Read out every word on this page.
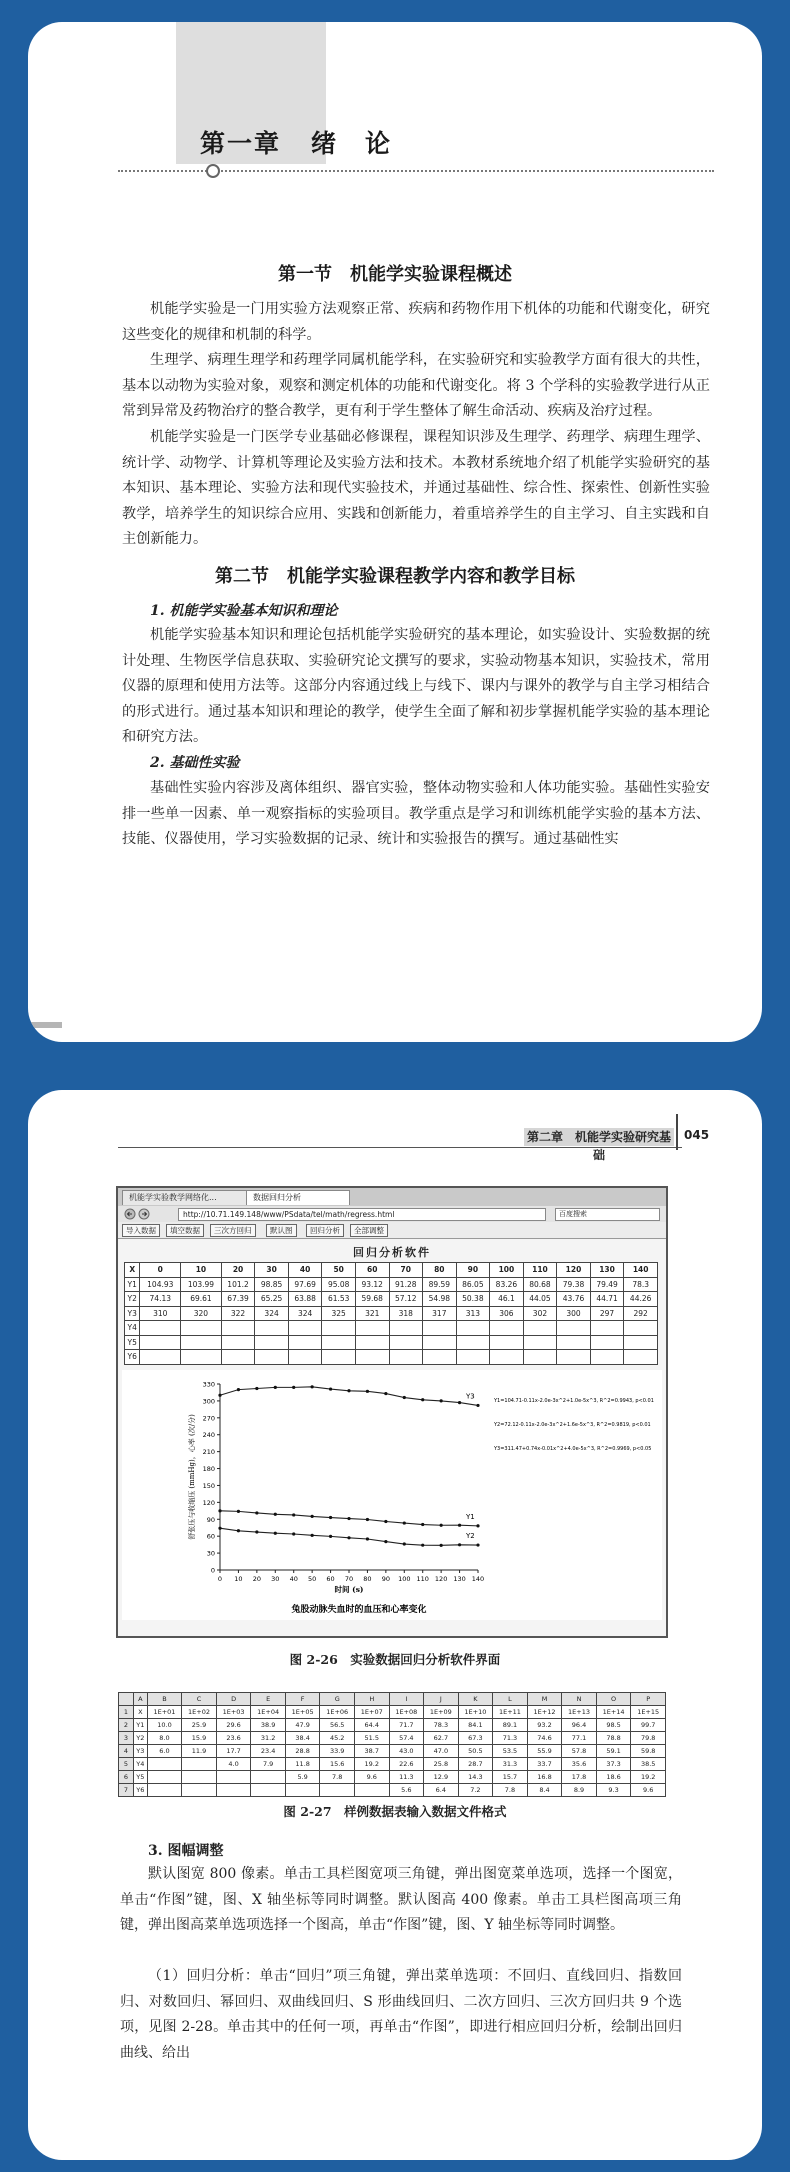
第一章 绪　论
第一节　机能学实验课程概述
机能学实验是一门用实验方法观察正常、疾病和药物作用下机体的功能和代谢变化，研究这些变化的规律和机制的科学。
生理学、病理生理学和药理学同属机能学科，在实验研究和实验教学方面有很大的共性，基本以动物为实验对象，观察和测定机体的功能和代谢变化。将 3 个学科的实验教学进行从正常到异常及药物治疗的整合教学，更有利于学生整体了解生命活动、疾病及治疗过程。
机能学实验是一门医学专业基础必修课程，课程知识涉及生理学、药理学、病理生理学、统计学、动物学、计算机等理论及实验方法和技术。本教材系统地介绍了机能学实验研究的基本知识、基本理论、实验方法和现代实验技术，并通过基础性、综合性、探索性、创新性实验教学，培养学生的知识综合应用、实践和创新能力，着重培养学生的自主学习、自主实践和自主创新能力。
第二节　机能学实验课程教学内容和教学目标
1. 机能学实验基本知识和理论
机能学实验基本知识和理论包括机能学实验研究的基本理论，如实验设计、实验数据的统计处理、生物医学信息获取、实验研究论文撰写的要求，实验动物基本知识，实验技术，常用仪器的原理和使用方法等。这部分内容通过线上与线下、课内与课外的教学与自主学习相结合的形式进行。通过基本知识和理论的教学，使学生全面了解和初步掌握机能学实验的基本理论和研究方法。
2. 基础性实验
基础性实验内容涉及离体组织、器官实验，整体动物实验和人体功能实验。基础性实验安排一些单一因素、单一观察指标的实验项目。教学重点是学习和训练机能学实验的基本方法、技能、仪器使用，学习实验数据的记录、统计和实验报告的撰写。通过基础性实
第二章　机能学实验研究基础
045
机能学实验教学网络化...	数据回归分析
http://10.71.149.148/www/PSdata/tel/math/regress.html	百度搜索
导入数据	填空数据	三次方回归	默认图	回归分析	全部调整
回归分析软件
X	0	10	20	30	40	50	60	70	80	90	100	110	120	130	140
Y1	104.93	103.99	101.2	98.85	97.69	95.08	93.12	91.28	89.59	86.05	83.26	80.68	79.38	79.49	78.3
Y2	74.13	69.61	67.39	65.25	63.88	61.53	59.68	57.12	54.98	50.38	46.1	44.05	43.76	44.71	44.26
Y3	310	320	322	324	324	325	321	318	317	313	306	302	300	297	292
Y4															
Y5															
Y6															
0
30
60
90
120
150
180
210
240
270
300
330
0 10 20 30 40 50 60 70 80 90 100 110 120 130 140
时间 (s)
舒张压与收缩压 (mmHg)，心率 (次/分)	Y1
Y2
Y3
Y1=104.71-0.11x-2.0e-3x^2+1.0e-5x^3, R^2=0.9943, p<0.01
Y2=72.12-0.11x-2.0e-3x^2+1.6e-5x^3, R^2=0.9819, p<0.01
Y3=311.47+0.74x-0.01x^2+4.0e-5x^3, R^2=0.9969, p<0.05
兔股动脉失血时的血压和心率变化
图 2-26　实验数据回归分析软件界面
	A	B	C	D	E	F	G	H	I	J	K	L	M	N	O	P
1	X	1E+01	1E+02	1E+03	1E+04	1E+05	1E+06	1E+07	1E+08	1E+09	1E+10	1E+11	1E+12	1E+13	1E+14	1E+15
2	Y1	10.0	25.9	29.6	38.9	47.9	56.5	64.4	71.7	78.3	84.1	89.1	93.2	96.4	98.5	99.7
3	Y2	8.0	15.9	23.6	31.2	38.4	45.2	51.5	57.4	62.7	67.3	71.3	74.6	77.1	78.8	79.8
4	Y3	6.0	11.9	17.7	23.4	28.8	33.9	38.7	43.0	47.0	50.5	53.5	55.9	57.8	59.1	59.8
5	Y4			4.0	7.9	11.8	15.6	19.2	22.6	25.8	28.7	31.3	33.7	35.6	37.3	38.5
6	Y5					5.9	7.8	9.6	11.3	12.9	14.3	15.7	16.8	17.8	18.6	19.2
7	Y6								5.6	6.4	7.2	7.8	8.4	8.9	9.3	9.6
图 2-27　样例数据表输入数据文件格式
3. 图幅调整
默认图宽 800 像素。单击工具栏图宽项三角键，弹出图宽菜单选项，选择一个图宽，单击“作图”键，图、X 轴坐标等同时调整。默认图高 400 像素。单击工具栏图高项三角键，弹出图高菜单选项选择一个图高，单击“作图”键，图、Y 轴坐标等同时调整。
（1）回归分析：单击“回归”项三角键，弹出菜单选项：不回归、直线回归、指数回归、对数回归、幂回归、双曲线回归、S 形曲线回归、二次方回归、三次方回归共 9 个选项，见图 2-28。单击其中的任何一项，再单击“作图”，即进行相应回归分析，绘制出回归曲线、给出
